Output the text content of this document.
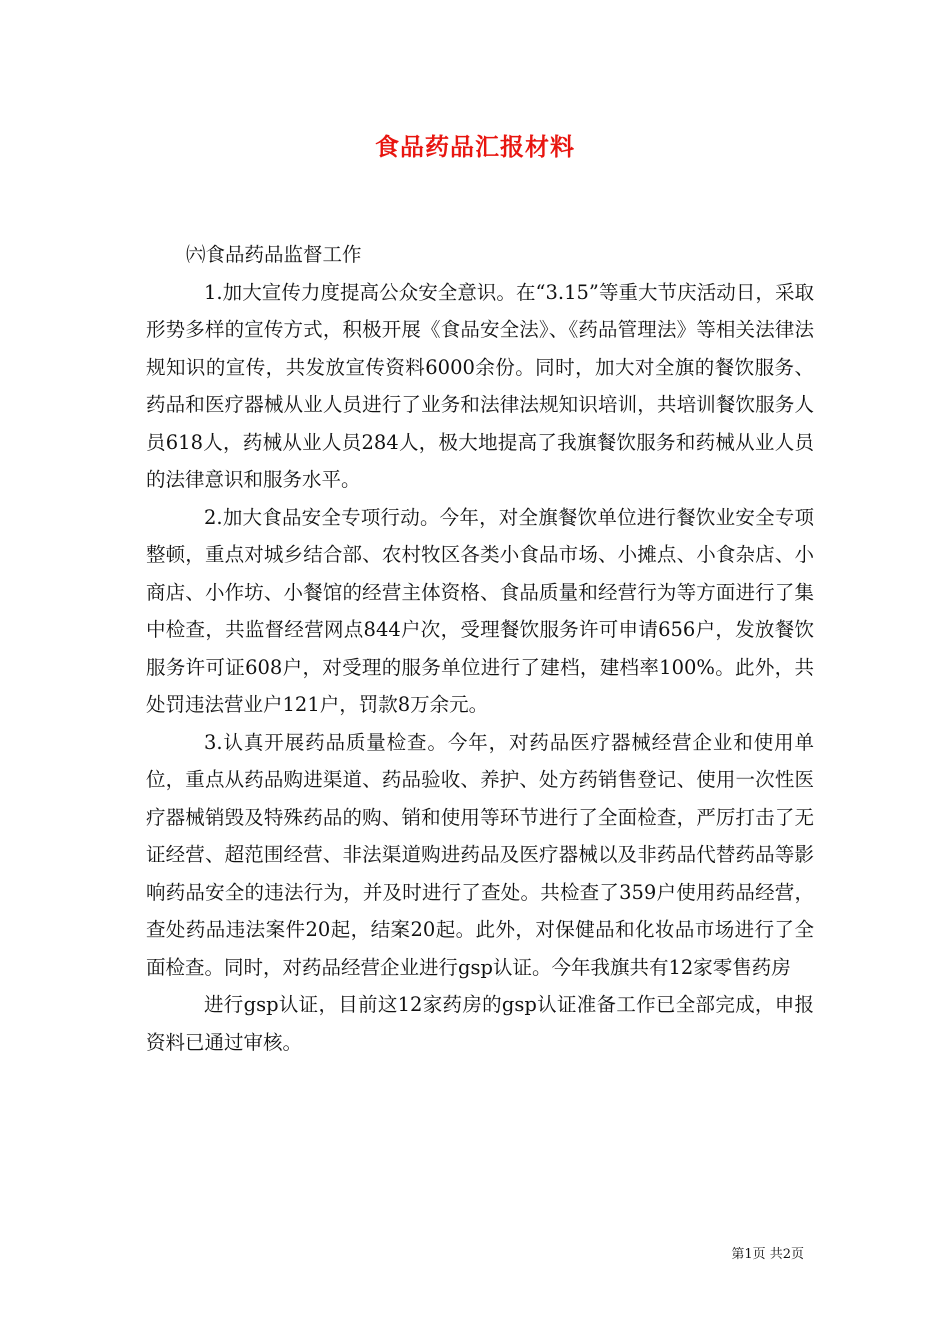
食品药品汇报材料

㈥食品药品监督工作

1.加大宣传力度提高公众安全意识。在“3.15”等重大节庆活动日，采取形势多样的宣传方式，积极开展《食品安全法》、《药品管理法》等相关法律法规知识的宣传，共发放宣传资料6000余份。同时，加大对全旗的餐饮服务、药品和医疗器械从业人员进行了业务和法律法规知识培训，共培训餐饮服务人员618人，药械从业人员284人，极大地提高了我旗餐饮服务和药械从业人员的法律意识和服务水平。

2.加大食品安全专项行动。今年，对全旗餐饮单位进行餐饮业安全专项整顿，重点对城乡结合部、农村牧区各类小食品市场、小摊点、小食杂店、小商店、小作坊、小餐馆的经营主体资格、食品质量和经营行为等方面进行了集中检查，共监督经营网点844户次，受理餐饮服务许可申请656户，发放餐饮服务许可证608户，对受理的服务单位进行了建档，建档率100%。此外，共处罚违法营业户121户，罚款8万余元。

3.认真开展药品质量检查。今年，对药品医疗器械经营企业和使用单位，重点从药品购进渠道、药品验收、养护、处方药销售登记、使用一次性医疗器械销毁及特殊药品的购、销和使用等环节进行了全面检查，严厉打击了无证经营、超范围经营、非法渠道购进药品及医疗器械以及非药品代替药品等影响药品安全的违法行为，并及时进行了查处。共检查了359户使用药品经营，查处药品违法案件20起，结案20起。此外，对保健品和化妆品市场进行了全面检查。同时，对药品经营企业进行gsp认证。今年我旗共有12家零售药房

进行gsp认证，目前这12家药房的gsp认证准备工作已全部完成，申报资料已通过审核。

第1页 共2页
